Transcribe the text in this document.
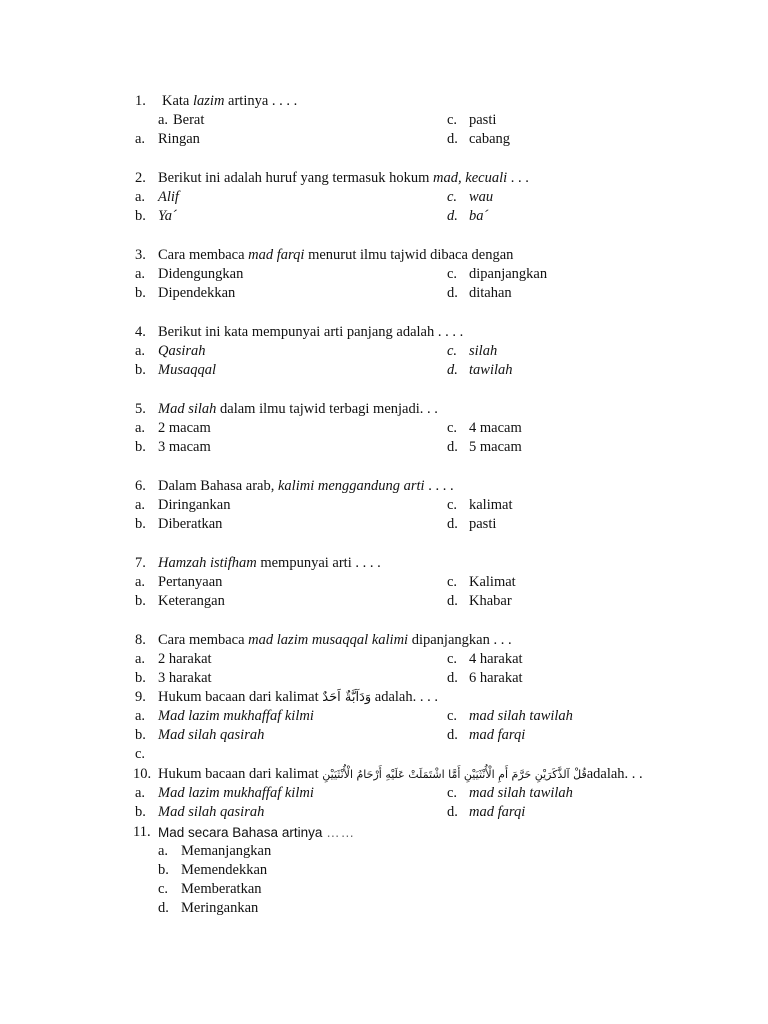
1. Kata lazim artinya . . . .
a. Berat	c. pasti
a. Ringan	d. cabang
2. Berikut ini adalah huruf yang termasuk hokum mad, kecuali . . .
a. Alif	c. wau
b. Ya´	d. ba´
3. Cara membaca mad farqi menurut ilmu tajwid dibaca dengan
a. Didengungkan	c. dipanjangkan
b. Dipendekkan	d. ditahan
4. Berikut ini kata mempunyai arti panjang adalah . . . .
a. Qasirah	c. silah
b. Musaqqal	d. tawilah
5. Mad silah dalam ilmu tajwid terbagi menjadi. . .
a. 2 macam	c. 4 macam
b. 3 macam	d. 5 macam
6. Dalam Bahasa arab, kalimi menggandung arti . . . .
a. Diringankan	c. kalimat
b. Diberatkan	d. pasti
7. Hamzah istifham mempunyai arti . . . .
a. Pertanyaan	c. Kalimat
b. Keterangan	d. Khabar
8. Cara membaca mad lazim musaqqal kalimi dipanjangkan . . .
a. 2 harakat	c. 4 harakat
b. 3 harakat	d. 6 harakat
9. Hukum bacaan dari kalimat وَدَآبَّةٌ اَحَدٌ adalah. . . .
a. Mad lazim mukhaffaf kilmi	c. mad silah tawilah
b. Mad silah qasirah	d. mad farqi
c.
10. Hukum bacaan dari kalimat قُلْ آلذَّكَرَيْنِ حَرَّمَ أَمِ الْأُنْثَيَيْنِ أَمَّا اشْتَمَلَتْ عَلَيْهِ أَرْحَامُ الْأُنْثَيَيْنِadalah. . .
a. Mad lazim mukhaffaf kilmi	c. mad silah tawilah
b. Mad silah qasirah	d. mad farqi
11. Mad secara Bahasa artinya ……
a. Memanjangkan
b. Memendekkan
c. Memberatkan
d. Meringankan
